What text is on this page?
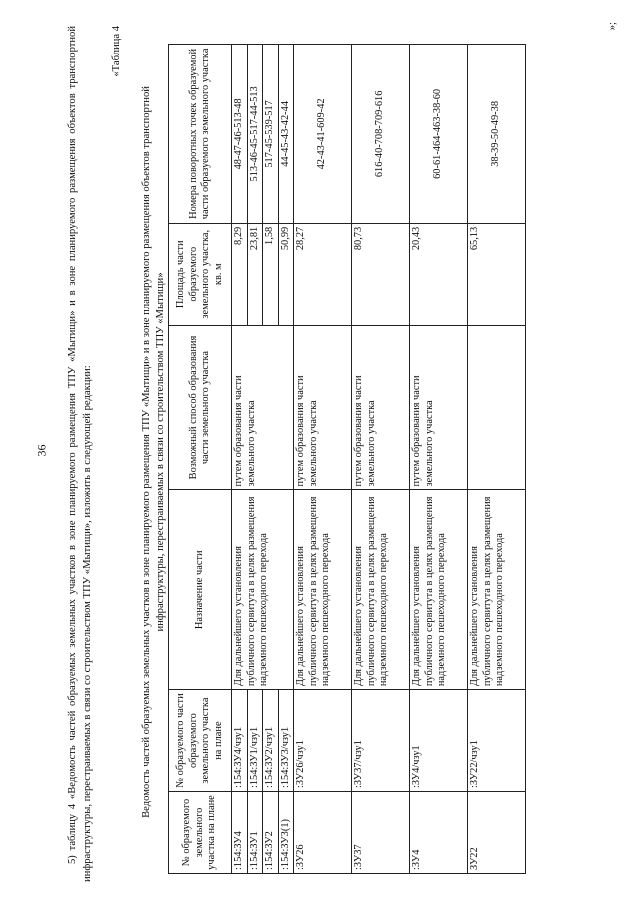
36 5) таблицу 4 «Ведомость частей образуемых земельных участков в зоне планируемого размещения ТПУ «Мытищи» и в зоне планируемого размещения объектов транспортной инфраструктуры, перестраиваемых в связи со строительством ТПУ «Мытищи», изложить в следующей редакции:
«Таблица 4
Ведомость частей образуемых земельных участков в зоне планируемого размещения ТПУ «Мытищи» и в зоне планируемого размещения объектов транспортной инфраструктуры, перестраиваемых в связи со строительством ТПУ «Мытищи»
№ образуемого земельного участка на плане	№ образуемого части образуемого земельного участка на плане	Назначение части	Возможный способ образования части земельного участка	Площадь части образуемого земельного участка, кв. м	Номера поворотных точек образуемой части образуемого земельного участка
:154:ЗУ4	:154:ЗУ4/чзу1	Для дальнейшего установления публичного сервитута в целях размещения надземного пешеходного перехода	путем образования части земельного участка	8,29	48-47-46-513-48
:154:ЗУ1	:154:ЗУ1/чзу1			23,81	513-46-45-517-44-513
:154:ЗУ2	:154:ЗУ2/чзу1			1,58	517-45-539-517
:154:ЗУ3(1)	:154:ЗУ3/чзу1			50,99	44-45-43-42-44
:ЗУ26	:ЗУ26/чзу1	Для дальнейшего установления публичного сервитута в целях размещения надземного пешеходного перехода	путем образования части земельного участка	28,27	42-43-41-609-42
:ЗУ37	:ЗУ37/чзу1	Для дальнейшего установления публичного сервитута в целях размещения надземного пешеходного перехода	путем образования части земельного участка	80,73	616-40-708-709-616
:ЗУ4	:ЗУ4/чзу1	Для дальнейшего установления публичного сервитута в целях размещения надземного пешеходного перехода	путем образования части земельного участка	20,43	60-61-464-463-38-60
ЗУ22	:ЗУ22/чзу1	Для дальнейшего установления публичного сервитута в целях размещения надземного пешеходного перехода		65,13	38-39-50-49-38
»;
